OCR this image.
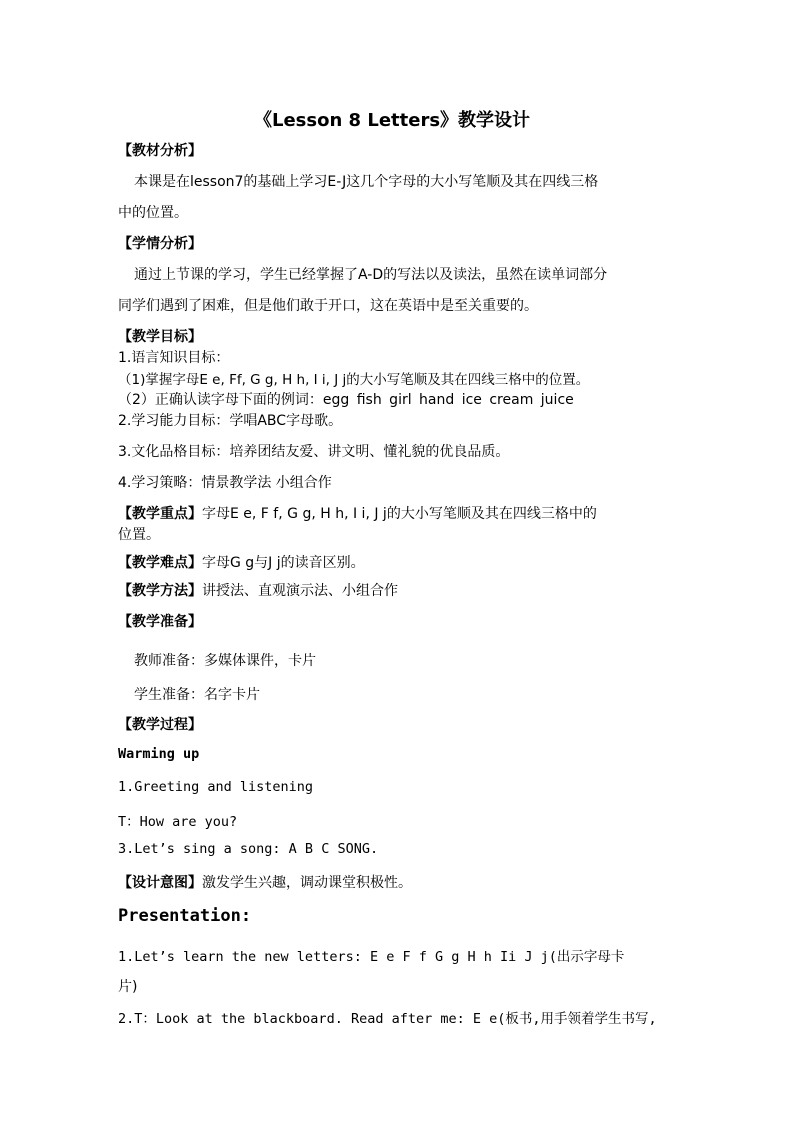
《Lesson 8 Letters》教学设计
【教材分析】
本课是在lesson7的基础上学习E-J这几个字母的大小写笔顺及其在四线三格
中的位置。
【学情分析】
通过上节课的学习，学生已经掌握了A-D的写法以及读法，虽然在读单词部分
同学们遇到了困难，但是他们敢于开口，这在英语中是至关重要的。
【教学目标】
1.语言知识目标：
（1)掌握字母E e, Ff, G g, H h, I i, J j的大小写笔顺及其在四线三格中的位置。
（2）正确认读字母下面的例词：egg fish girl hand ice cream juice
2.学习能力目标：学唱ABC字母歌。
3.文化品格目标：培养团结友爱、讲文明、懂礼貌的优良品质。
4.学习策略：情景教学法 小组合作
【教学重点】字母E e, F f, G g, H h, I i, J j的大小写笔顺及其在四线三格中的
位置。
【教学难点】字母G g与J j的读音区别。
【教学方法】讲授法、直观演示法、小组合作
【教学准备】
教师准备：多媒体课件，卡片
学生准备：名字卡片
【教学过程】
Warming up
1.Greeting and listening
T：How are you?
3.Let’s sing a song: A B C SONG.
【设计意图】激发学生兴趣，调动课堂积极性。
Presentation:
1.Let’s learn the new letters: E e F f G g H h Ii J j(出示字母卡
片)
2.T：Look at the blackboard. Read after me: E e(板书,用手领着学生书写,
